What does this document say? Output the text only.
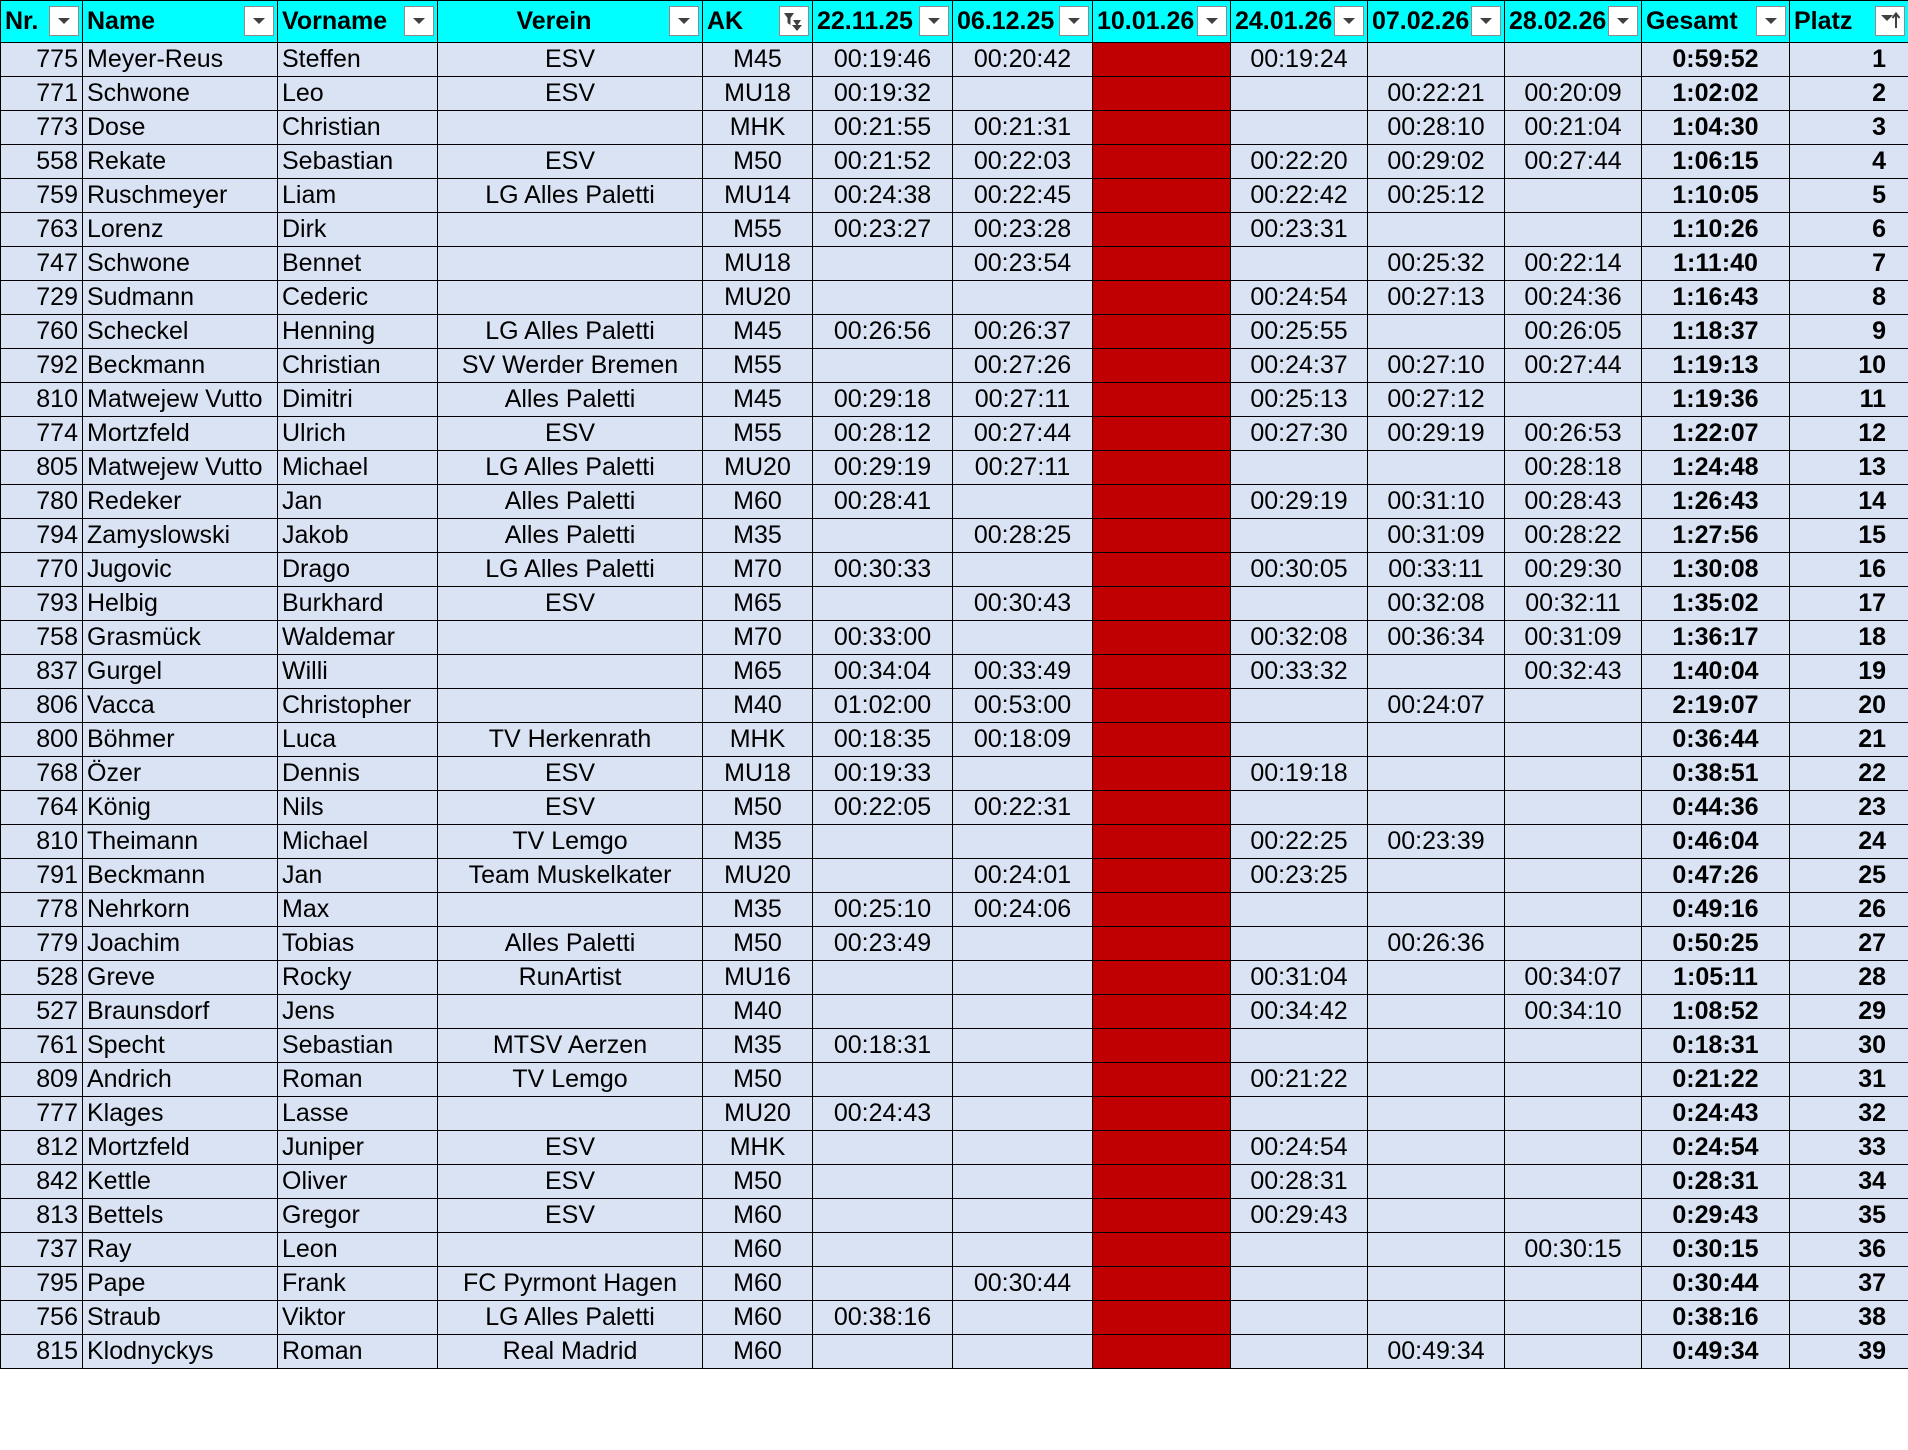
Nr.	Name	Vorname	Verein	AK	22.11.25	06.12.25	10.01.26	24.01.26	07.02.26	28.02.26	Gesamt	Platz

775	Meyer-Reus	Steffen	ESV	M45	00:19:46	00:20:42		00:19:24			0:59:52	1
771	Schwone	Leo	ESV	MU18	00:19:32				00:22:21	00:20:09	1:02:02	2
773	Dose	Christian		MHK	00:21:55	00:21:31			00:28:10	00:21:04	1:04:30	3
558	Rekate	Sebastian	ESV	M50	00:21:52	00:22:03		00:22:20	00:29:02	00:27:44	1:06:15	4
759	Ruschmeyer	Liam	LG Alles Paletti	MU14	00:24:38	00:22:45		00:22:42	00:25:12		1:10:05	5
763	Lorenz	Dirk		M55	00:23:27	00:23:28		00:23:31			1:10:26	6
747	Schwone	Bennet		MU18		00:23:54			00:25:32	00:22:14	1:11:40	7
729	Sudmann	Cederic		MU20				00:24:54	00:27:13	00:24:36	1:16:43	8
760	Scheckel	Henning	LG Alles Paletti	M45	00:26:56	00:26:37		00:25:55		00:26:05	1:18:37	9
792	Beckmann	Christian	SV Werder Bremen	M55		00:27:26		00:24:37	00:27:10	00:27:44	1:19:13	10
810	Matwejew Vutto	Dimitri	Alles Paletti	M45	00:29:18	00:27:11		00:25:13	00:27:12		1:19:36	11
774	Mortzfeld	Ulrich	ESV	M55	00:28:12	00:27:44		00:27:30	00:29:19	00:26:53	1:22:07	12
805	Matwejew Vutto	Michael	LG Alles Paletti	MU20	00:29:19	00:27:11				00:28:18	1:24:48	13
780	Redeker	Jan	Alles Paletti	M60	00:28:41			00:29:19	00:31:10	00:28:43	1:26:43	14
794	Zamyslowski	Jakob	Alles Paletti	M35		00:28:25			00:31:09	00:28:22	1:27:56	15
770	Jugovic	Drago	LG Alles Paletti	M70	00:30:33			00:30:05	00:33:11	00:29:30	1:30:08	16
793	Helbig	Burkhard	ESV	M65		00:30:43			00:32:08	00:32:11	1:35:02	17
758	Grasmück	Waldemar		M70	00:33:00			00:32:08	00:36:34	00:31:09	1:36:17	18
837	Gurgel	Willi		M65	00:34:04	00:33:49		00:33:32		00:32:43	1:40:04	19
806	Vacca	Christopher		M40	01:02:00	00:53:00			00:24:07		2:19:07	20
800	Böhmer	Luca	TV Herkenrath	MHK	00:18:35	00:18:09					0:36:44	21
768	Özer	Dennis	ESV	MU18	00:19:33			00:19:18			0:38:51	22
764	König	Nils	ESV	M50	00:22:05	00:22:31					0:44:36	23
810	Theimann	Michael	TV Lemgo	M35				00:22:25	00:23:39		0:46:04	24
791	Beckmann	Jan	Team Muskelkater	MU20		00:24:01		00:23:25			0:47:26	25
778	Nehrkorn	Max		M35	00:25:10	00:24:06					0:49:16	26
779	Joachim	Tobias	Alles Paletti	M50	00:23:49				00:26:36		0:50:25	27
528	Greve	Rocky	RunArtist	MU16				00:31:04		00:34:07	1:05:11	28
527	Braunsdorf	Jens		M40				00:34:42		00:34:10	1:08:52	29
761	Specht	Sebastian	MTSV Aerzen	M35	00:18:31						0:18:31	30
809	Andrich	Roman	TV Lemgo	M50				00:21:22			0:21:22	31
777	Klages	Lasse		MU20	00:24:43						0:24:43	32
812	Mortzfeld	Juniper	ESV	MHK				00:24:54			0:24:54	33
842	Kettle	Oliver	ESV	M50				00:28:31			0:28:31	34
813	Bettels	Gregor	ESV	M60				00:29:43			0:29:43	35
737	Ray	Leon		M60						00:30:15	0:30:15	36
795	Pape	Frank	FC Pyrmont Hagen	M60		00:30:44					0:30:44	37
756	Straub	Viktor	LG Alles Paletti	M60	00:38:16						0:38:16	38
815	Klodnyckys	Roman	Real Madrid	M60					00:49:34		0:49:34	39
